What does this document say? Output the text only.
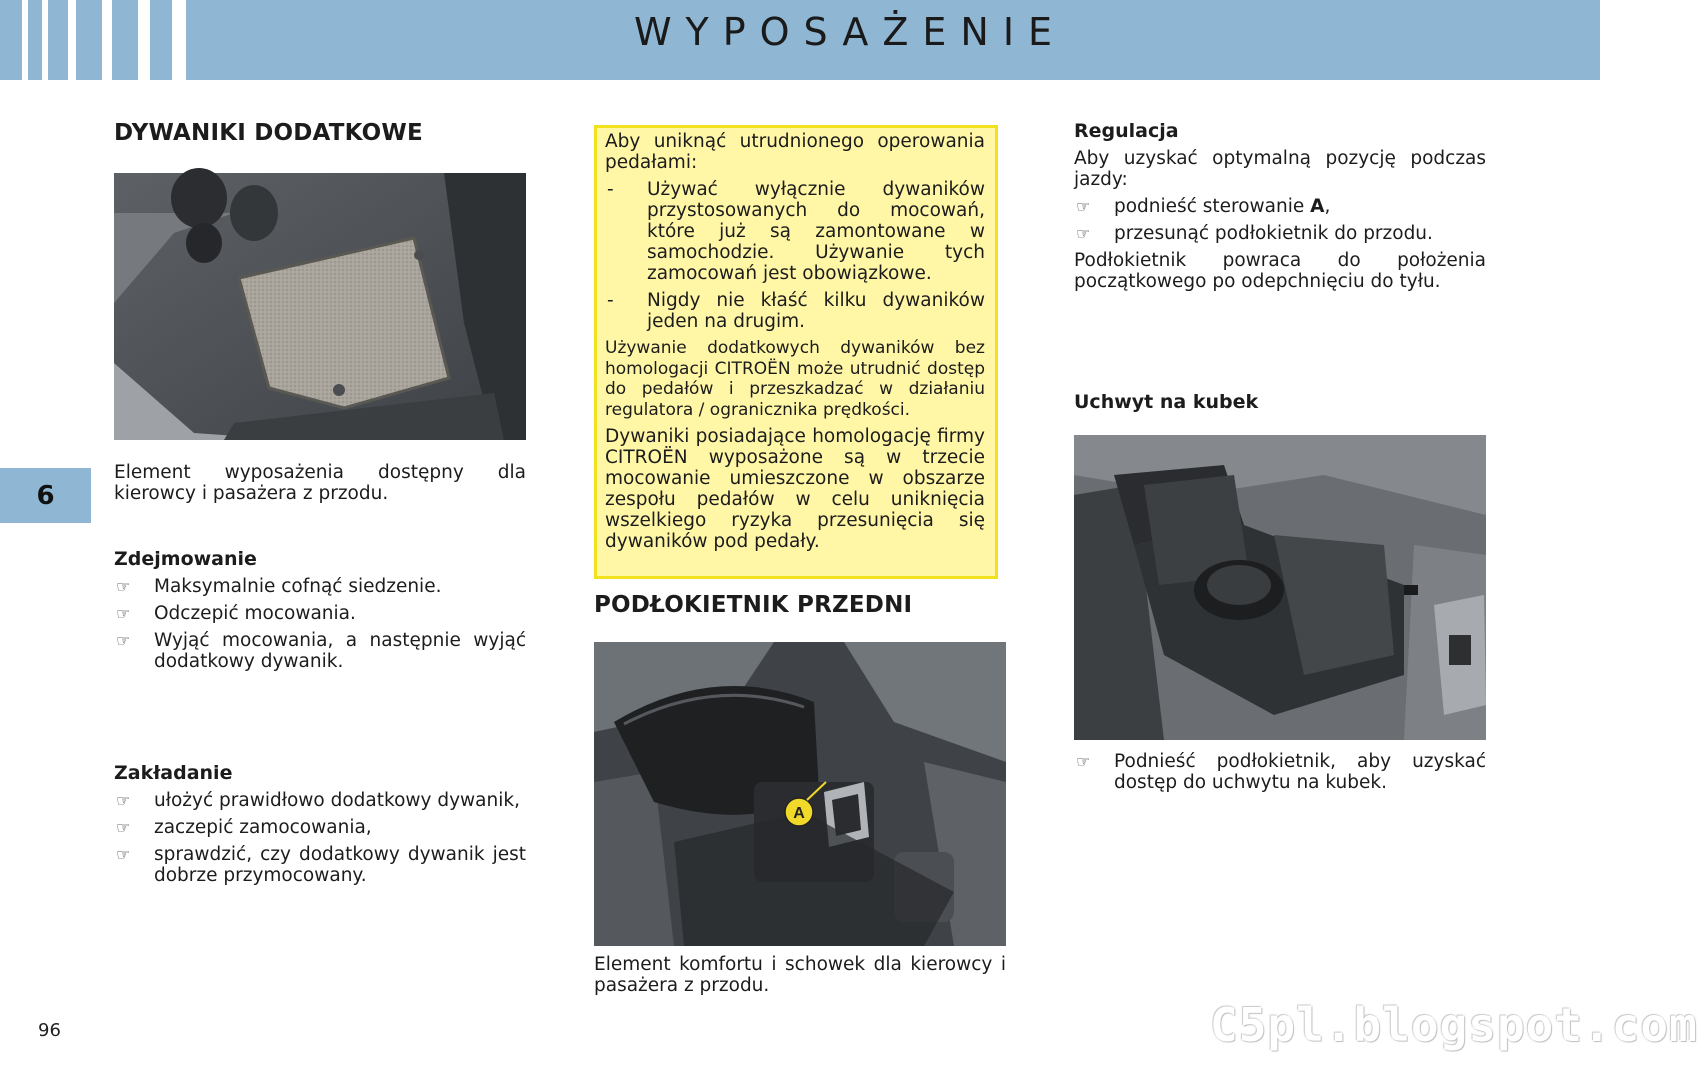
WYPOSAŻENIE
6
DYWANIKI DODATKOWE
Element wyposażenia dostępny dla kierowcy i pasażera z przodu.
Zdejmowanie
☞ Maksymalnie cofnąć siedzenie.
☞ Odczepić mocowania.
☞ Wyjąć mocowania, a następnie wyjąć dodatkowy dywanik.
Zakładanie
☞ ułożyć prawidłowo dodatkowy dywanik,
☞ zaczepić zamocowania,
☞ sprawdzić, czy dodatkowy dywanik jest dobrze przymocowany.

Aby uniknąć utrudnionego operowania pedałami:

- Używać wyłącznie dywaników przystosowanych do mocowań, które już są zamontowane w samochodzie. Używanie tych zamocowań jest obowiązkowe.
- Nigdy nie kłaść kilku dywaników jeden na drugim.

Używanie dodatkowych dywaników bez homologacji CITROËN może utrudnić dostęp do pedałów i przeszkadzać w działaniu regulatora / ogranicznika prędkości.

Dywaniki posiadające homologację firmy CITROËN wyposażone są w trzecie mocowanie umieszczone w obszarze zespołu pedałów w celu uniknięcia wszelkiego ryzyka przesunięcia się dywaników pod pedały.

PODŁOKIETNIK PRZEDNI
A
Element komfortu i schowek dla kierowcy i pasażera z przodu.
Regulacja
Aby uzyskać optymalną pozycję podczas jazdy:
☞ podnieść sterowanie A,
☞ przesunąć podłokietnik do przodu.
Podłokietnik powraca do położenia początkowego po odepchnięciu do tyłu.
Uchwyt na kubek
☞ Podnieść podłokietnik, aby uzyskać dostęp do uchwytu na kubek.
96	C5pl.blogspot.com
